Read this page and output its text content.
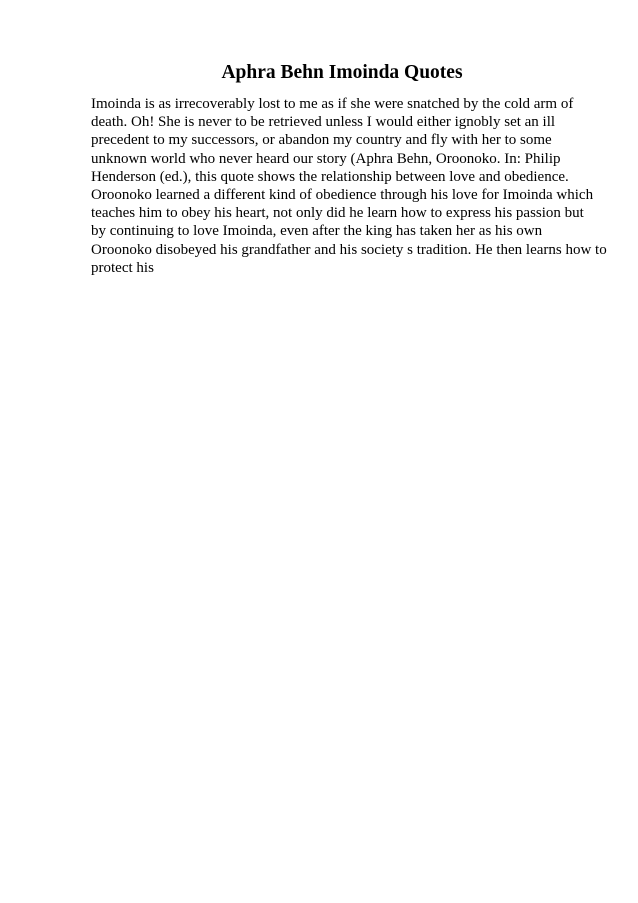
Aphra Behn Imoinda Quotes
Imoinda is as irrecoverably lost to me as if she were snatched by the cold arm of
death. Oh! She is never to be retrieved unless I would either ignobly set an ill
precedent to my successors, or abandon my country and fly with her to some
unknown world who never heard our story (Aphra Behn, Oroonoko. In: Philip
Henderson (ed.), this quote shows the relationship between love and obedience.
Oroonoko learned a different kind of obedience through his love for Imoinda which
teaches him to obey his heart, not only did he learn how to express his passion but
by continuing to love Imoinda, even after the king has taken her as his own
Oroonoko disobeyed his grandfather and his society s tradition. He then learns how to
protect his
